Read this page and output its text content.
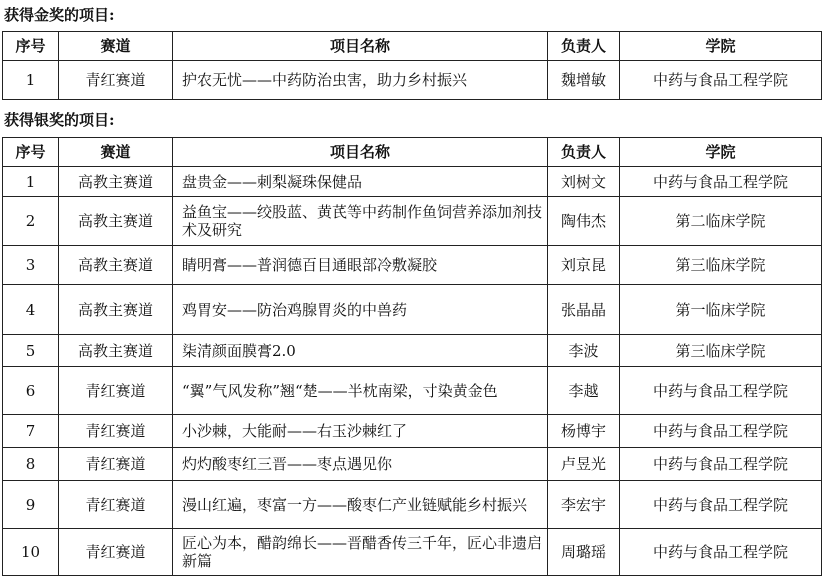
获得金奖的项目:
序号	赛道	项目名称	负责人	学院
1	青红赛道	护农无忧——中药防治虫害，助力乡村振兴	魏增敏	中药与食品工程学院
获得银奖的项目:
序号	赛道	项目名称	负责人	学院
1	高教主赛道	盘贵金——刺梨凝珠保健品	刘树文	中药与食品工程学院
2	高教主赛道	益鱼宝——绞股蓝、黄芪等中药制作鱼饲营养添加剂技术及研究	陶伟杰	第二临床学院
3	高教主赛道	睛明膏——普润德百目通眼部冷敷凝胶	刘京昆	第三临床学院
4	高教主赛道	鸡胃安——防治鸡腺胃炎的中兽药	张晶晶	第一临床学院
5	高教主赛道	柒清颜面膜膏2.0	李波	第三临床学院
6	青红赛道	“翼”气风发称”翘“楚——半枕南梁，寸染黄金色	李越	中药与食品工程学院
7	青红赛道	小沙棘，大能耐——右玉沙棘红了	杨博宇	中药与食品工程学院
8	青红赛道	灼灼酸枣红三晋——枣点遇见你	卢昱光	中药与食品工程学院
9	青红赛道	漫山红遍，枣富一方——酸枣仁产业链赋能乡村振兴	李宏宇	中药与食品工程学院
10	青红赛道	匠心为本，醋韵绵长——晋醋香传三千年，匠心非遗启新篇	周璐瑶	中药与食品工程学院
